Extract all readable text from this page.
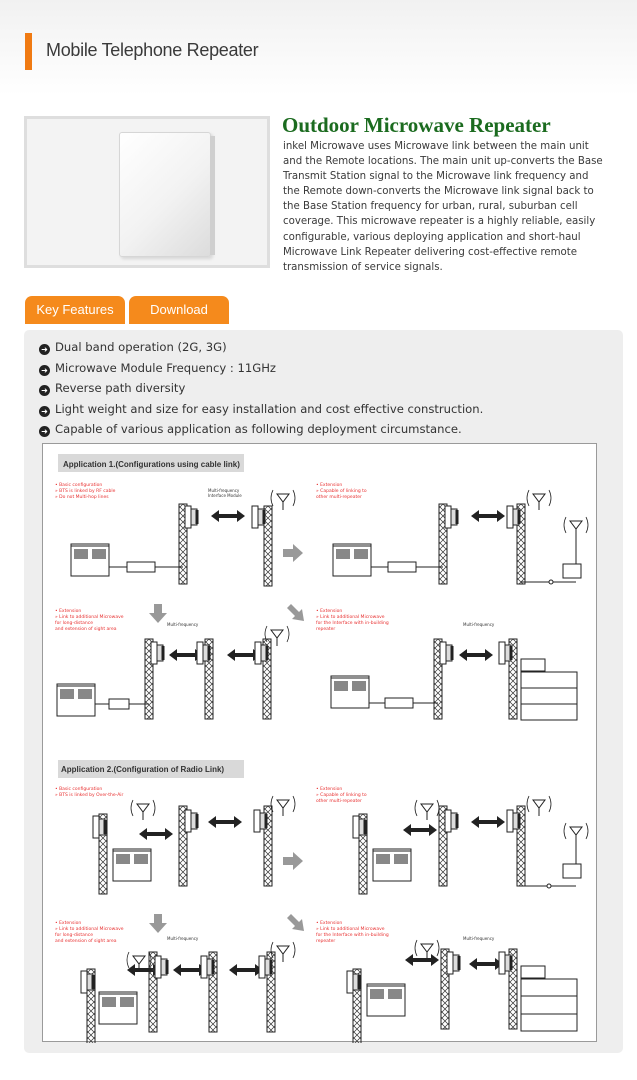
Mobile Telephone Repeater
Outdoor Microwave Repeater
inkel Microwave uses Microwave link between the main unit and the Remote locations. The main unit up-converts the Base Transmit Station signal to the Microwave link frequency and the Remote down-converts the Microwave link signal back to the Base Station frequency for urban, rural, suburban cell coverage. This microwave repeater is a highly reliable, easily configurable, various deploying application and short-haul Microwave Link Repeater delivering cost-effective remote transmission of service signals.
Key Features	Download
➜ Dual band operation (2G, 3G)
➜ Microwave Module Frequency : 11GHz
➜ Reverse path diversity
➜ Light weight and size for easy installation and cost effective construction.
➜ Capable of various application as following deployment circumstance.
Application 1.(Configurations using cable link)
• Basic configuration
» BTS is linked by RF cable
» Do not Multi-hop lines
Multi-frequency
Interface Module
• Extension
» Capable of linking to
other multi-repeater
• Extension
» Link to additional Microwave
for long-distance
and extension of sight area
Multi-frequency
• Extension
» Link to additional Microwave
for the Interface with in-building
repeater
Multi-frequency
Application 2.(Configuration of Radio Link)
• Basic configuration
» BTS is linked by Over-the-Air
• Extension
» Capable of linking to
other multi-repeater
• Extension
» Link to additional Microwave
for long-distance
and extension of sight area
Multi-frequency
• Extension
» Link to additional Microwave
for the Interface with in-building
repeater
Multi-frequency
